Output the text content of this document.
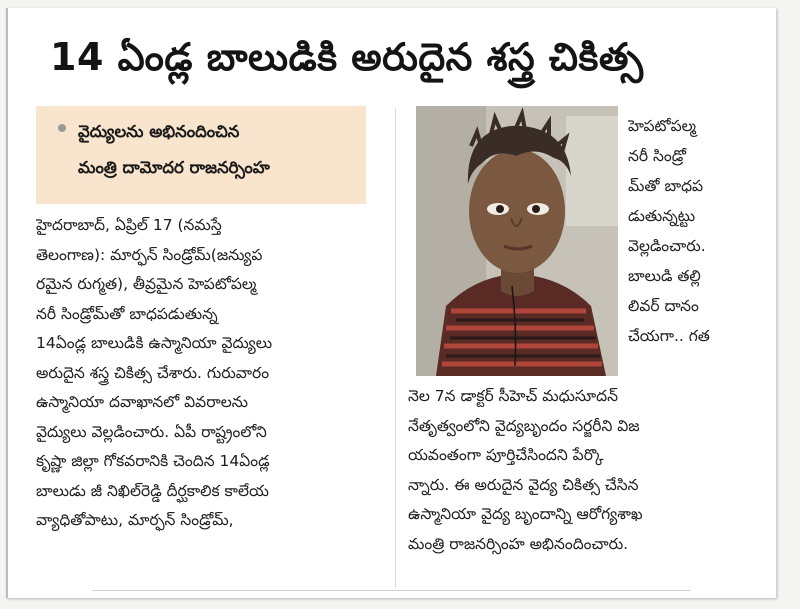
14 ఏండ్ల బాలుడికి అరుదైన శస్త్ర చికిత్స
వైద్యులను అభినందించిన
మంత్రి దామోదర రాజనర్సింహ
హైదరాబాద్, ఏప్రిల్ 17 (నమస్తే
తెలంగాణ): మార్ఫన్ సిండ్రోమ్(జన్యుప
రమైన రుగ్మత), తీవ్రమైన హెపటోపల్మ
నరీ సిండ్రోమ్‌తో బాధపడుతున్న
14ఏండ్ల బాలుడికి ఉస్మానియా వైద్యులు
అరుదైన శస్త్ర చికిత్స చేశారు. గురువారం
ఉస్మానియా దవాఖానలో వివరాలను
వైద్యులు వెల్లడించారు. ఏపీ రాష్ట్రంలోని
కృష్ణా జిల్లా గోకవరానికి చెందిన 14ఏండ్ల
బాలుడు జీ నిఖిల్‌రెడ్డి దీర్ఘకాలిక కాలేయ
వ్యాధితోపాటు, మార్ఫన్ సిండ్రోమ్,
హెపటోపల్మ
నరీ సిండ్రో
మ్‌తో బాధప
డుతున్నట్టు
వెల్లడించారు.
బాలుడి తల్లి
లివర్ దానం
చేయగా.. గత
నెల 7న డాక్టర్ సీహెచ్ మధుసూదన్
నేతృత్వంలోని వైద్యబృందం సర్జరీని విజ
యవంతంగా పూర్తిచేసిందని పేర్కొ
న్నారు. ఈ అరుదైన వైద్య చికిత్స చేసిన
ఉస్మానియా వైద్య బృందాన్ని ఆరోగ్యశాఖ
మంత్రి రాజనర్సింహ అభినందించారు.
